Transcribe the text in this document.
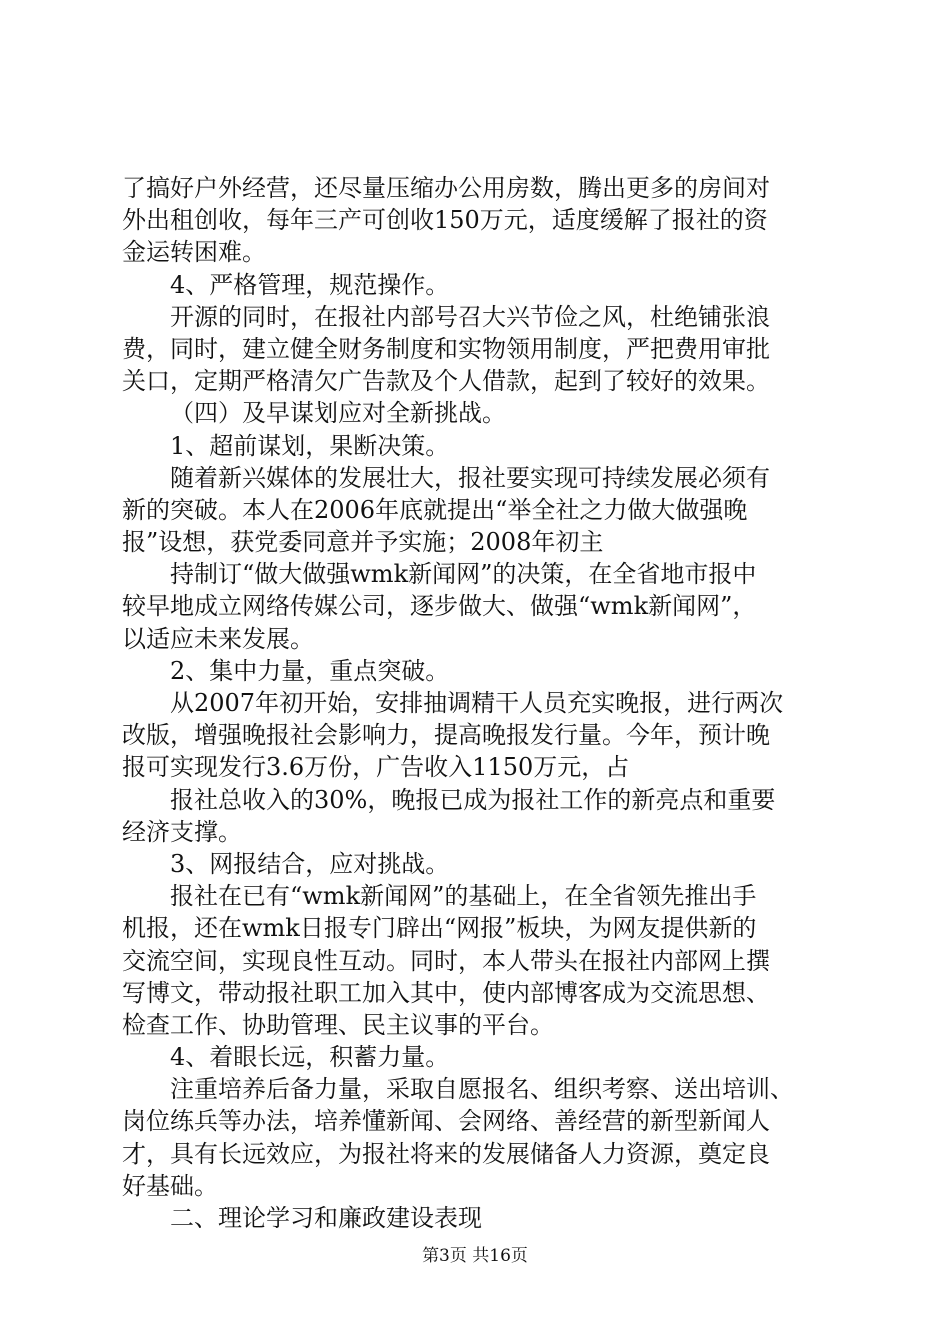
了搞好户外经营，还尽量压缩办公用房数，腾出更多的房间对
外出租创收，每年三产可创收150万元，适度缓解了报社的资
金运转困难。
4、严格管理，规范操作。
开源的同时，在报社内部号召大兴节俭之风，杜绝铺张浪
费，同时，建立健全财务制度和实物领用制度，严把费用审批
关口，定期严格清欠广告款及个人借款，起到了较好的效果。
（四）及早谋划应对全新挑战。
1、超前谋划，果断决策。
随着新兴媒体的发展壮大，报社要实现可持续发展必须有
新的突破。本人在2006年底就提出“举全社之力做大做强晚
报”设想，获党委同意并予实施；2008年初主
持制订“做大做强wmk新闻网”的决策，在全省地市报中
较早地成立网络传媒公司，逐步做大、做强“wmk新闻网”，
以适应未来发展。
2、集中力量，重点突破。
从2007年初开始，安排抽调精干人员充实晚报，进行两次
改版，增强晚报社会影响力，提高晚报发行量。今年，预计晚
报可实现发行3.6万份，广告收入1150万元，占
报社总收入的30%，晚报已成为报社工作的新亮点和重要
经济支撑。
3、网报结合，应对挑战。
报社在已有“wmk新闻网”的基础上，在全省领先推出手
机报，还在wmk日报专门辟出“网报”板块，为网友提供新的
交流空间，实现良性互动。同时，本人带头在报社内部网上撰
写博文，带动报社职工加入其中，使内部博客成为交流思想、
检查工作、协助管理、民主议事的平台。
4、着眼长远，积蓄力量。
注重培养后备力量，采取自愿报名、组织考察、送出培训、
岗位练兵等办法，培养懂新闻、会网络、善经营的新型新闻人
才，具有长远效应，为报社将来的发展储备人力资源，奠定良
好基础。
二、理论学习和廉政建设表现
第3页 共16页
